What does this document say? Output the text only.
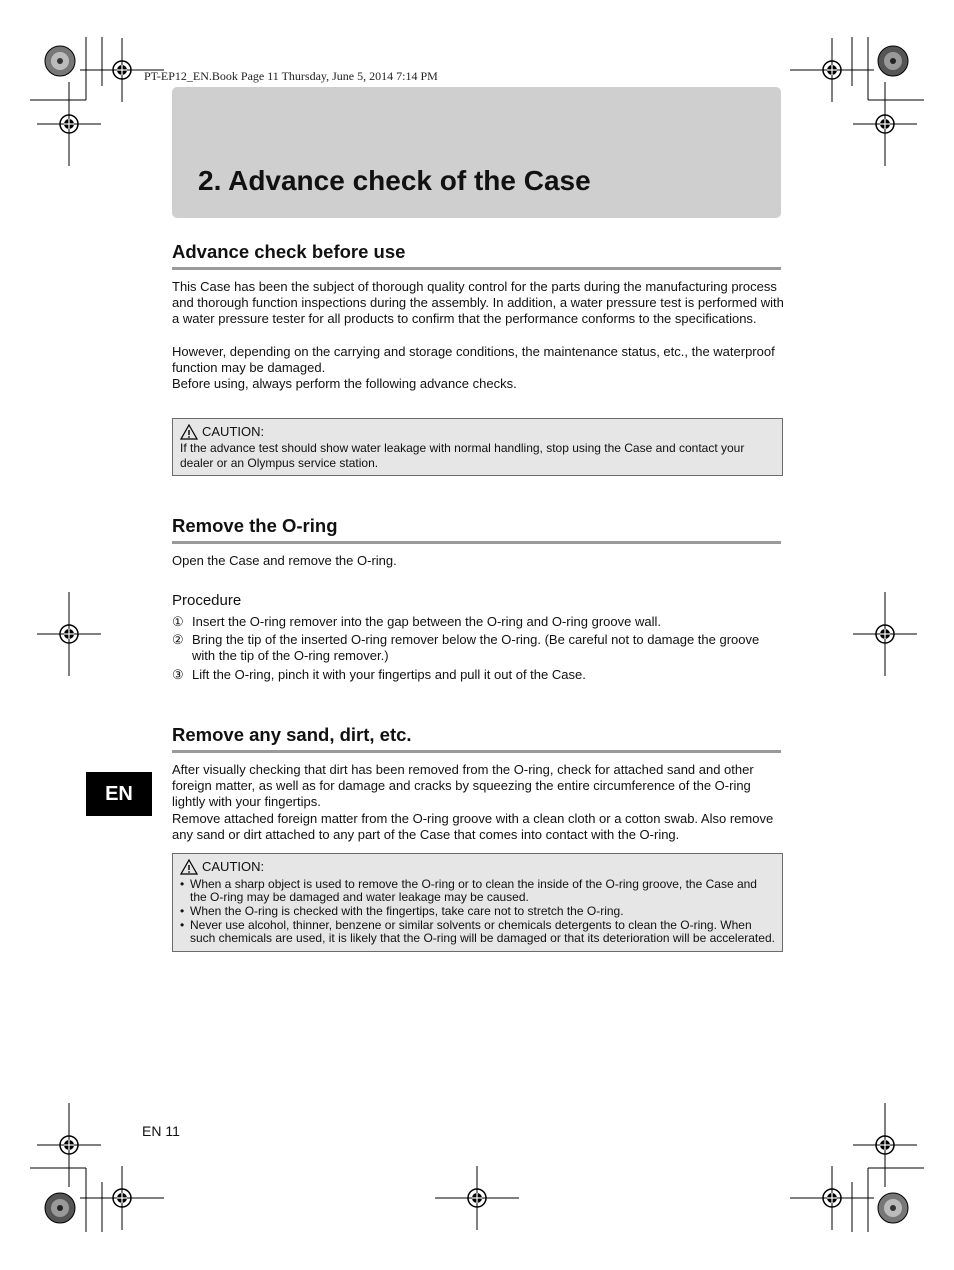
PT-EP12_EN.Book Page 11 Thursday, June 5, 2014 7:14 PM
2. Advance check of the Case
Advance check before use

This Case has been the subject of thorough quality control for the parts during the manufacturing process and thorough function inspections during the assembly. In addition, a water pressure test is performed with a water pressure tester for all products to confirm that the performance conforms to the specifications.

However, depending on the carrying and storage conditions, the maintenance status, etc., the waterproof function may be damaged.

Before using, always perform the following advance checks.

CAUTION:
If the advance test should show water leakage with normal handling, stop using the Case and contact your dealer or an Olympus service station.
Remove the O-ring
Open the Case and remove the O-ring.
Procedure
① Insert the O-ring remover into the gap between the O-ring and O-ring groove wall.
② Bring the tip of the inserted O-ring remover below the O-ring. (Be careful not to damage the groove with the tip of the O-ring remover.)
③ Lift the O-ring, pinch it with your fingertips and pull it out of the Case.
Remove any sand, dirt, etc.

After visually checking that dirt has been removed from the O-ring, check for attached sand and other foreign matter, as well as for damage and cracks by squeezing the entire circumference of the O-ring lightly with your fingertips.

Remove attached foreign matter from the O-ring groove with a clean cloth or a cotton swab. Also remove any sand or dirt attached to any part of the Case that comes into contact with the O-ring.

CAUTION:
• When a sharp object is used to remove the O-ring or to clean the inside of the O-ring groove, the Case and the O-ring may be damaged and water leakage may be caused.
• When the O-ring is checked with the fingertips, take care not to stretch the O-ring.
• Never use alcohol, thinner, benzene or similar solvents or chemicals detergents to clean the O-ring. When such chemicals are used, it is likely that the O-ring will be damaged or that its deterioration will be accelerated.
EN
EN 11
